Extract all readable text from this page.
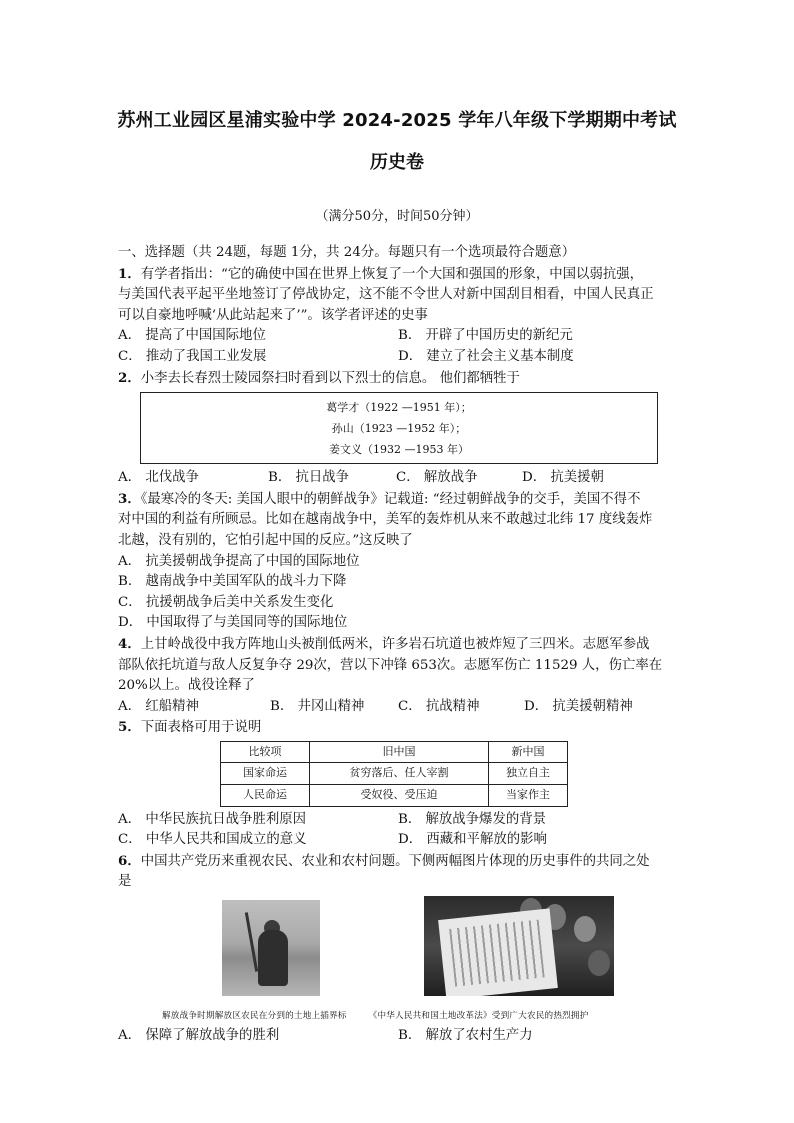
苏州工业园区星浦实验中学 2024-2025 学年八年级下学期期中考试
历史卷
（满分50分，时间50分钟）
一、选择题（共 24题，每题 1分，共 24分。每题只有一个选项最符合题意）
1．有学者指出：“它的确使中国在世界上恢复了一个大国和强国的形象，中国以弱抗强，
与美国代表平起平坐地签订了停战协定，这不能不令世人对新中国刮目相看，中国人民真正
可以自豪地呼喊‘从此站起来了’”。该学者评述的史事
A． 提高了中国国际地位	B． 开辟了中国历史的新纪元
C． 推动了我国工业发展	D． 建立了社会主义基本制度
2．小李去长春烈士陵园祭扫时看到以下烈士的信息。 他们都牺牲于
葛学才（1922 —1951 年）；
孙山（1923 —1952 年）；
姜文义（1932 —1953 年）
A． 北伐战争	B． 抗日战争	C． 解放战争	D． 抗美援朝
3．《最寒冷的冬天: 美国人眼中的朝鲜战争》记载道: “经过朝鲜战争的交手，美国不得不
对中国的利益有所顾忌。比如在越南战争中，美军的轰炸机从来不敢越过北纬 17 度线轰炸
北越，没有别的，它怕引起中国的反应。”这反映了
A． 抗美援朝战争提高了中国的国际地位
B． 越南战争中美国军队的战斗力下降
C． 抗援朝战争后美中关系发生变化
D． 中国取得了与美国同等的国际地位
4．上甘岭战役中我方阵地山头被削低两米，许多岩石坑道也被炸短了三四米。志愿军参战
部队依托坑道与敌人反复争夺 29次，营以下冲锋 653次。志愿军伤亡 11529 人，伤亡率在
20%以上。战役诠释了
A． 红船精神	B． 井冈山精神	C． 抗战精神	D． 抗美援朝精神
5．下面表格可用于说明
比较项	旧中国	新中国
国家命运	贫穷落后、任人宰割	独立自主
人民命运	受奴役、受压迫	当家作主
A． 中华民族抗日战争胜利原因	B． 解放战争爆发的背景
C． 中华人民共和国成立的意义	D． 西藏和平解放的影响
6．中国共产党历来重视农民、农业和农村问题。下侧两幅图片体现的历史事件的共同之处
是
解放战争时期解放区农民在分到的土地上插界标	《中华人民共和国土地改革法》受到广大农民的热烈拥护
A． 保障了解放战争的胜利	B． 解放了农村生产力
